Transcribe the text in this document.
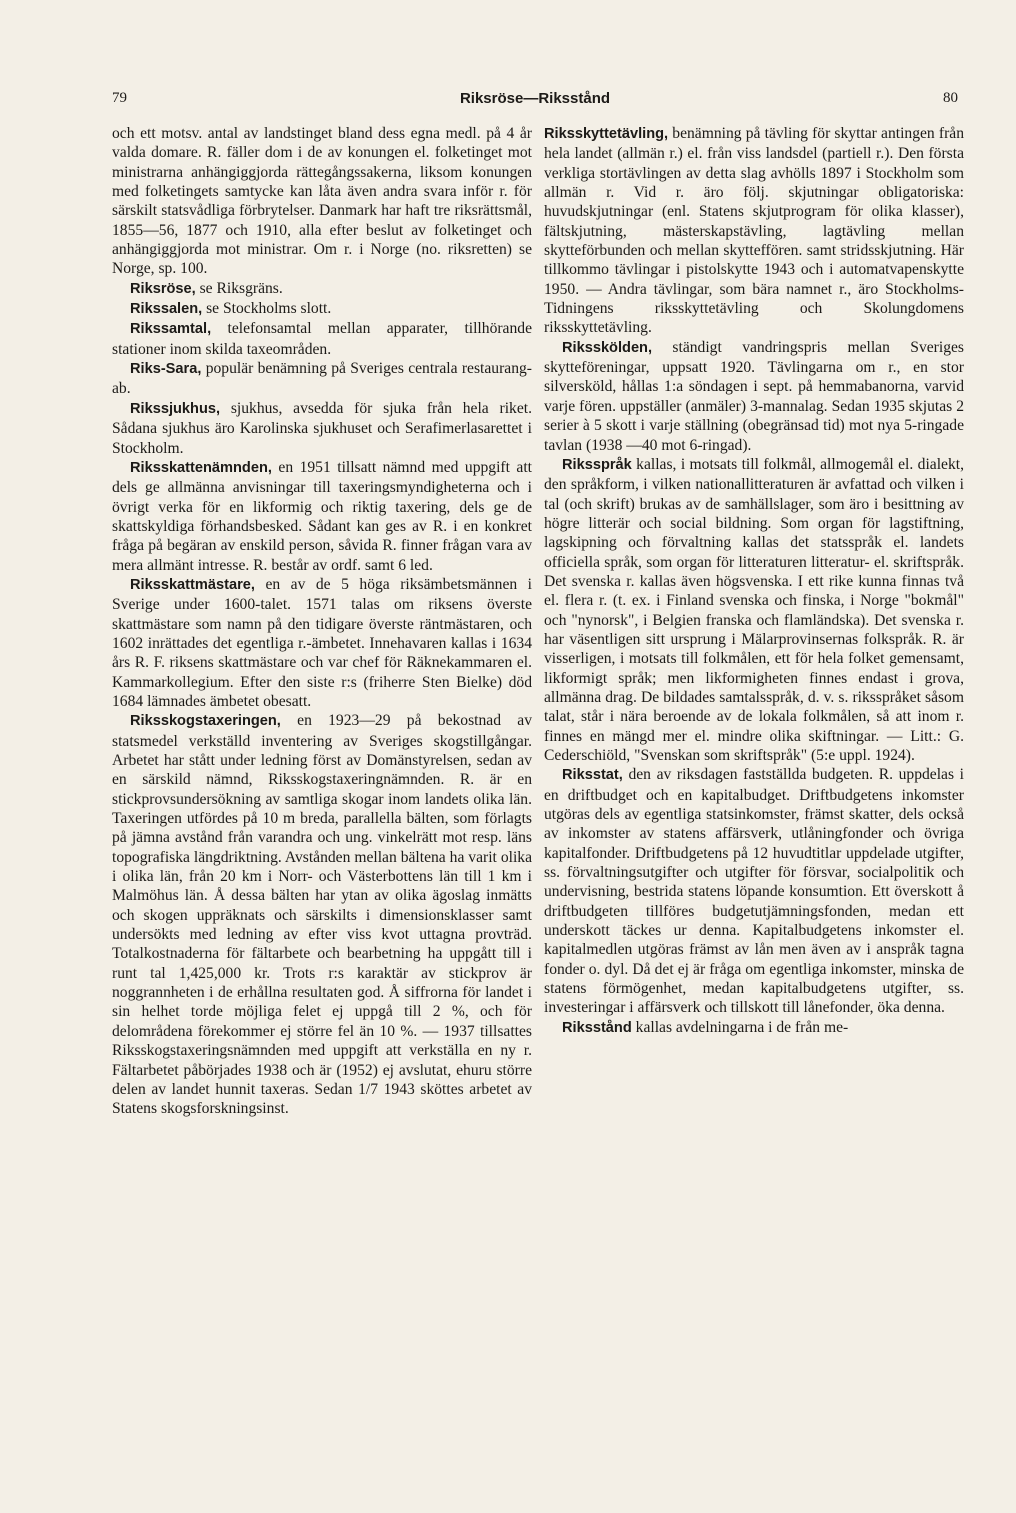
79	Riksröse—Riksstånd	80

och ett motsv. antal av landstinget bland dess egna medl. på 4 år valda domare. R. fäller dom i de av konungen el. folketinget mot ministrarna anhängiggjorda rättegångssakerna, liksom konungen med folketingets samtycke kan låta även andra svara inför r. för särskilt statsvådliga förbrytelser. Danmark har haft tre riksrättsmål, 1855—56, 1877 och 1910, alla efter beslut av folketinget och anhängiggjorda mot ministrar. Om r. i Norge (no. riksretten) se Norge, sp. 100.

Riksröse, se Riksgräns.

Rikssalen, se Stockholms slott.

Rikssamtal, telefonsamtal mellan apparater, tillhörande stationer inom skilda taxeområden.

Riks-Sara, populär benämning på Sveriges centrala restaurang-ab.

Rikssjukhus, sjukhus, avsedda för sjuka från hela riket. Sådana sjukhus äro Karolinska sjukhuset och Serafimerlasarettet i Stockholm.

Riksskattenämnden, en 1951 tillsatt nämnd med uppgift att dels ge allmänna anvisningar till taxeringsmyndigheterna och i övrigt verka för en likformig och riktig taxering, dels ge de skattskyldiga förhandsbesked. Sådant kan ges av R. i en konkret fråga på begäran av enskild person, såvida R. finner frågan vara av mera allmänt intresse. R. består av ordf. samt 6 led.

Riksskattmästare, en av de 5 höga riksämbetsmännen i Sverige under 1600-talet. 1571 talas om riksens överste skattmästare som namn på den tidigare överste räntmästaren, och 1602 inrättades det egentliga r.-ämbetet. Innehavaren kallas i 1634 års R. F. riksens skattmästare och var chef för Räknekammaren el. Kammarkollegium. Efter den siste r:s (friherre Sten Bielke) död 1684 lämnades ämbetet obesatt.

Riksskogstaxeringen, en 1923—29 på bekostnad av statsmedel verkställd inventering av Sveriges skogstillgångar. Arbetet har stått under ledning först av Domänstyrelsen, sedan av en särskild nämnd, Riksskogstaxeringnämnden. R. är en stickprovsundersökning av samtliga skogar inom landets olika län. Taxeringen utfördes på 10 m breda, parallella bälten, som förlagts på jämna avstånd från varandra och ung. vinkelrätt mot resp. läns topografiska längdriktning. Avstånden mellan bältena ha varit olika i olika län, från 20 km i Norr- och Västerbottens län till 1 km i Malmöhus län. Å dessa bälten har ytan av olika ägoslag inmätts och skogen uppräknats och särskilts i dimensionsklasser samt undersökts med ledning av efter viss kvot uttagna provträd. Totalkostnaderna för fältarbete och bearbetning ha uppgått till i runt tal 1,425,000 kr. Trots r:s karaktär av stickprov är noggrannheten i de erhållna resultaten god. Å siffrorna för landet i sin helhet torde möjliga felet ej uppgå till 2 %, och för delområdena förekommer ej större fel än 10 %. — 1937 tillsattes Riksskogstaxeringsnämnden med uppgift att verkställa en ny r. Fältarbetet påbörjades 1938 och är (1952) ej avslutat, ehuru större delen av landet hunnit taxeras. Sedan 1/7 1943 sköttes arbetet av Statens skogsforskningsinst.

Riksskyttetävling, benämning på tävling för skyttar antingen från hela landet (allmän r.) el. från viss landsdel (partiell r.). Den första verkliga stortävlingen av detta slag avhölls 1897 i Stockholm som allmän r. Vid r. äro följ. skjutningar obligatoriska: huvudskjutningar (enl. Statens skjutprogram för olika klasser), fältskjutning, mästerskapstävling, lagtävling mellan skytteförbunden och mellan skytteffören. samt stridsskjutning. Här tillkommo tävlingar i pistolskytte 1943 och i automatvapenskytte 1950. — Andra tävlingar, som bära namnet r., äro Stockholms-Tidningens riksskyttetävling och Skolungdomens riksskyttetävling.

Riksskölden, ständigt vandringspris mellan Sveriges skytteföreningar, uppsatt 1920. Tävlingarna om r., en stor silversköld, hållas 1:a söndagen i sept. på hemmabanorna, varvid varje fören. uppställer (anmäler) 3-mannalag. Sedan 1935 skjutas 2 serier à 5 skott i varje ställning (obegränsad tid) mot nya 5-ringade tavlan (1938 —40 mot 6-ringad).

Riksspråk kallas, i motsats till folkmål, allmogemål el. dialekt, den språkform, i vilken nationallitteraturen är avfattad och vilken i tal (och skrift) brukas av de samhällslager, som äro i besittning av högre litterär och social bildning. Som organ för lagstiftning, lagskipning och förvaltning kallas det statsspråk el. landets officiella språk, som organ för litteraturen litteratur- el. skriftspråk. Det svenska r. kallas även högsvenska. I ett rike kunna finnas två el. flera r. (t. ex. i Finland svenska och finska, i Norge "bokmål" och "nynorsk", i Belgien franska och flamländska). Det svenska r. har väsentligen sitt ursprung i Mälarprovinsernas folkspråk. R. är visserligen, i motsats till folkmålen, ett för hela folket gemensamt, likformigt språk; men likformigheten finnes endast i grova, allmänna drag. De bildades samtalsspråk, d. v. s. riksspråket såsom talat, står i nära beroende av de lokala folkmålen, så att inom r. finnes en mängd mer el. mindre olika skiftningar. — Litt.: G. Cederschiöld, "Svenskan som skriftspråk" (5:e uppl. 1924).

Riksstat, den av riksdagen fastställda budgeten. R. uppdelas i en driftbudget och en kapitalbudget. Driftbudgetens inkomster utgöras dels av egentliga statsinkomster, främst skatter, dels också av inkomster av statens affärsverk, utlåningfonder och övriga kapitalfonder. Driftbudgetens på 12 huvudtitlar uppdelade utgifter, ss. förvaltningsutgifter och utgifter för försvar, socialpolitik och undervisning, bestrida statens löpande konsumtion. Ett överskott å driftbudgeten tillföres budgetutjämningsfonden, medan ett underskott täckes ur denna. Kapitalbudgetens inkomster el. kapitalmedlen utgöras främst av lån men även av i anspråk tagna fonder o. dyl. Då det ej är fråga om egentliga inkomster, minska de statens förmögenhet, medan kapitalbudgetens utgifter, ss. investeringar i affärsverk och tillskott till lånefonder, öka denna.

Riksstånd kallas avdelningarna i de från me-
